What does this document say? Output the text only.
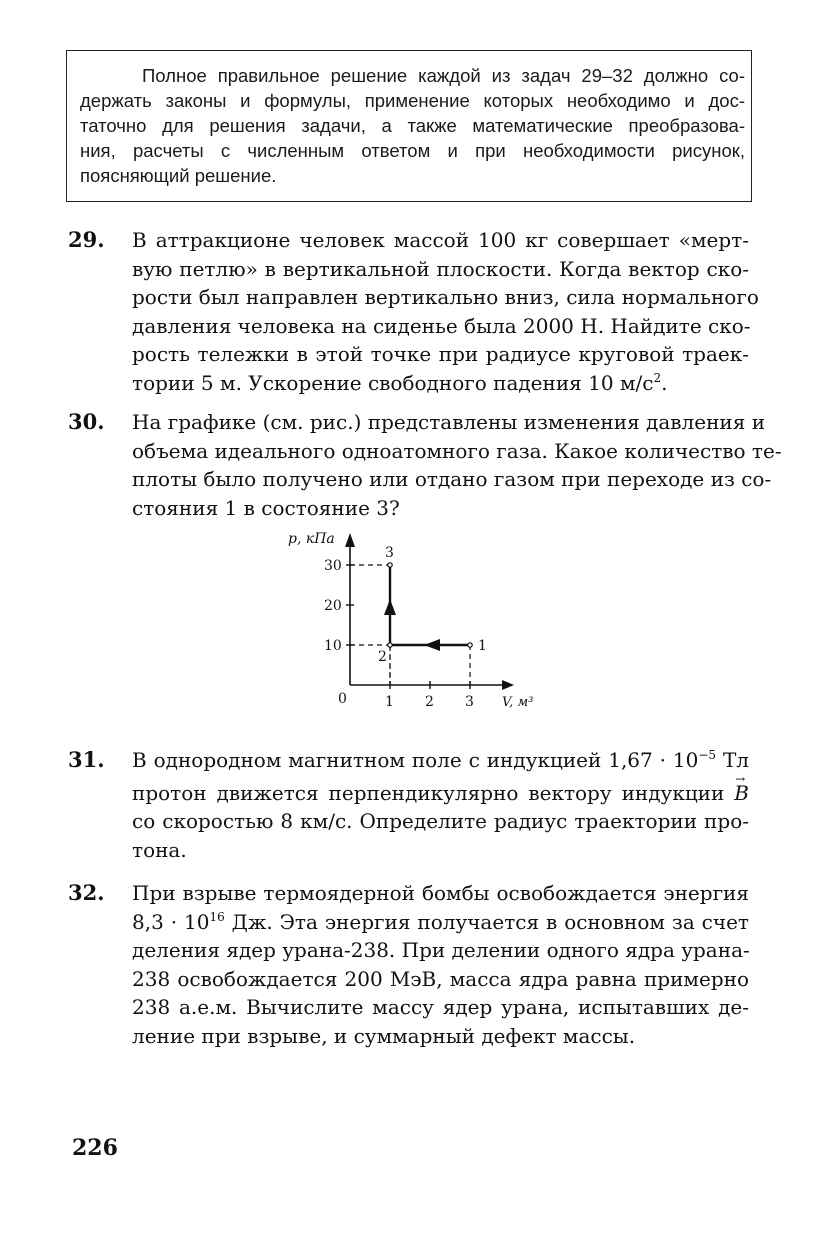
Полное правильное решение каждой из задач 29–32 должно со-
держать законы и формулы, применение которых необходимо и дос-
таточно для решения задачи, а также математические преобразова-
ния, расчеты с численным ответом и при необходимости рисунок,
поясняющий решение.
29. В аттракционе человек массой 100 кг совершает «мерт-
вую петлю» в вертикальной плоскости. Когда вектор ско-
рости был направлен вертикально вниз, сила нормального
давления человека на сиденье была 2000 Н. Найдите ско-
рость тележки в этой точке при радиусе круговой траек-
тории 5 м. Ускорение свободного падения 10 $м/с^2$.
30. На графике (см. рис.) представлены изменения давления и
объема идеального одноатомного газа. Какое количество те-
плоты было получено или отдано газом при переходе из со-
стояния 1 в состояние 3?
p, кПа
V, м³
0	1 2 3
10
20
30
1
2
3
31. В однородном магнитном поле с индукцией $1,67 \cdot 10^{-5}$ Тл
протон движется перпендикулярно вектору индукции → B
со скоростью 8 км/с. Определите радиус траектории про-
тона.
32. При взрыве термоядерной бомбы освобождается энергия
$8,3 \cdot 10^{16}$ Дж. Эта энергия получается в основном за счет
деления ядер урана-238. При делении одного ядра урана-
238 освобождается 200 МэВ, масса ядра равна примерно
238 а.е.м. Вычислите массу ядер урана, испытавших де-
ление при взрыве, и суммарный дефект массы.
226
